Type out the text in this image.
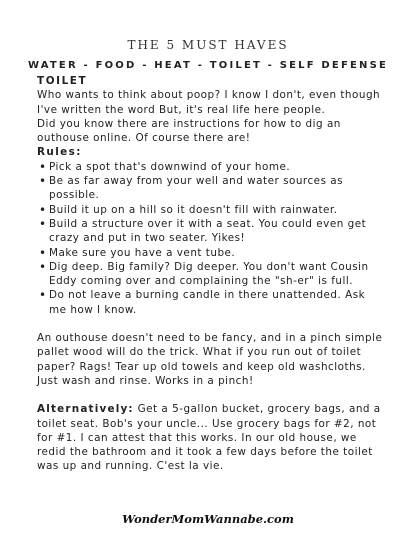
THE 5 MUST HAVES
WATER - FOOD - HEAT - TOILET - SELF DEFENSE
TOILET

Who wants to think about poop? I know I don't, even though I've written the word But, it's real life here people.

Did you know there are instructions for how to dig an outhouse online. Of course there are!

Rules:
• Pick a spot that's downwind of your home.
• Be as far away from your well and water sources as possible.
• Build it up on a hill so it doesn't fill with rainwater.
• Build a structure over it with a seat. You could even get crazy and put in two seater. Yikes!
• Make sure you have a vent tube.
• Dig deep. Big family? Dig deeper. You don't want Cousin Eddy coming over and complaining the "sh-er" is full.
• Do not leave a burning candle in there unattended. Ask me how I know.

An outhouse doesn't need to be fancy, and in a pinch simple pallet wood will do the trick. What if you run out of toilet paper? Rags! Tear up old towels and keep old washcloths. Just wash and rinse. Works in a pinch!

Alternatively: Get a 5-gallon bucket, grocery bags, and a toilet seat. Bob's your uncle... Use grocery bags for #2, not for #1. I can attest that this works. In our old house, we redid the bathroom and it took a few days before the toilet was up and running. C'est la vie.

WonderMomWannabe.com
